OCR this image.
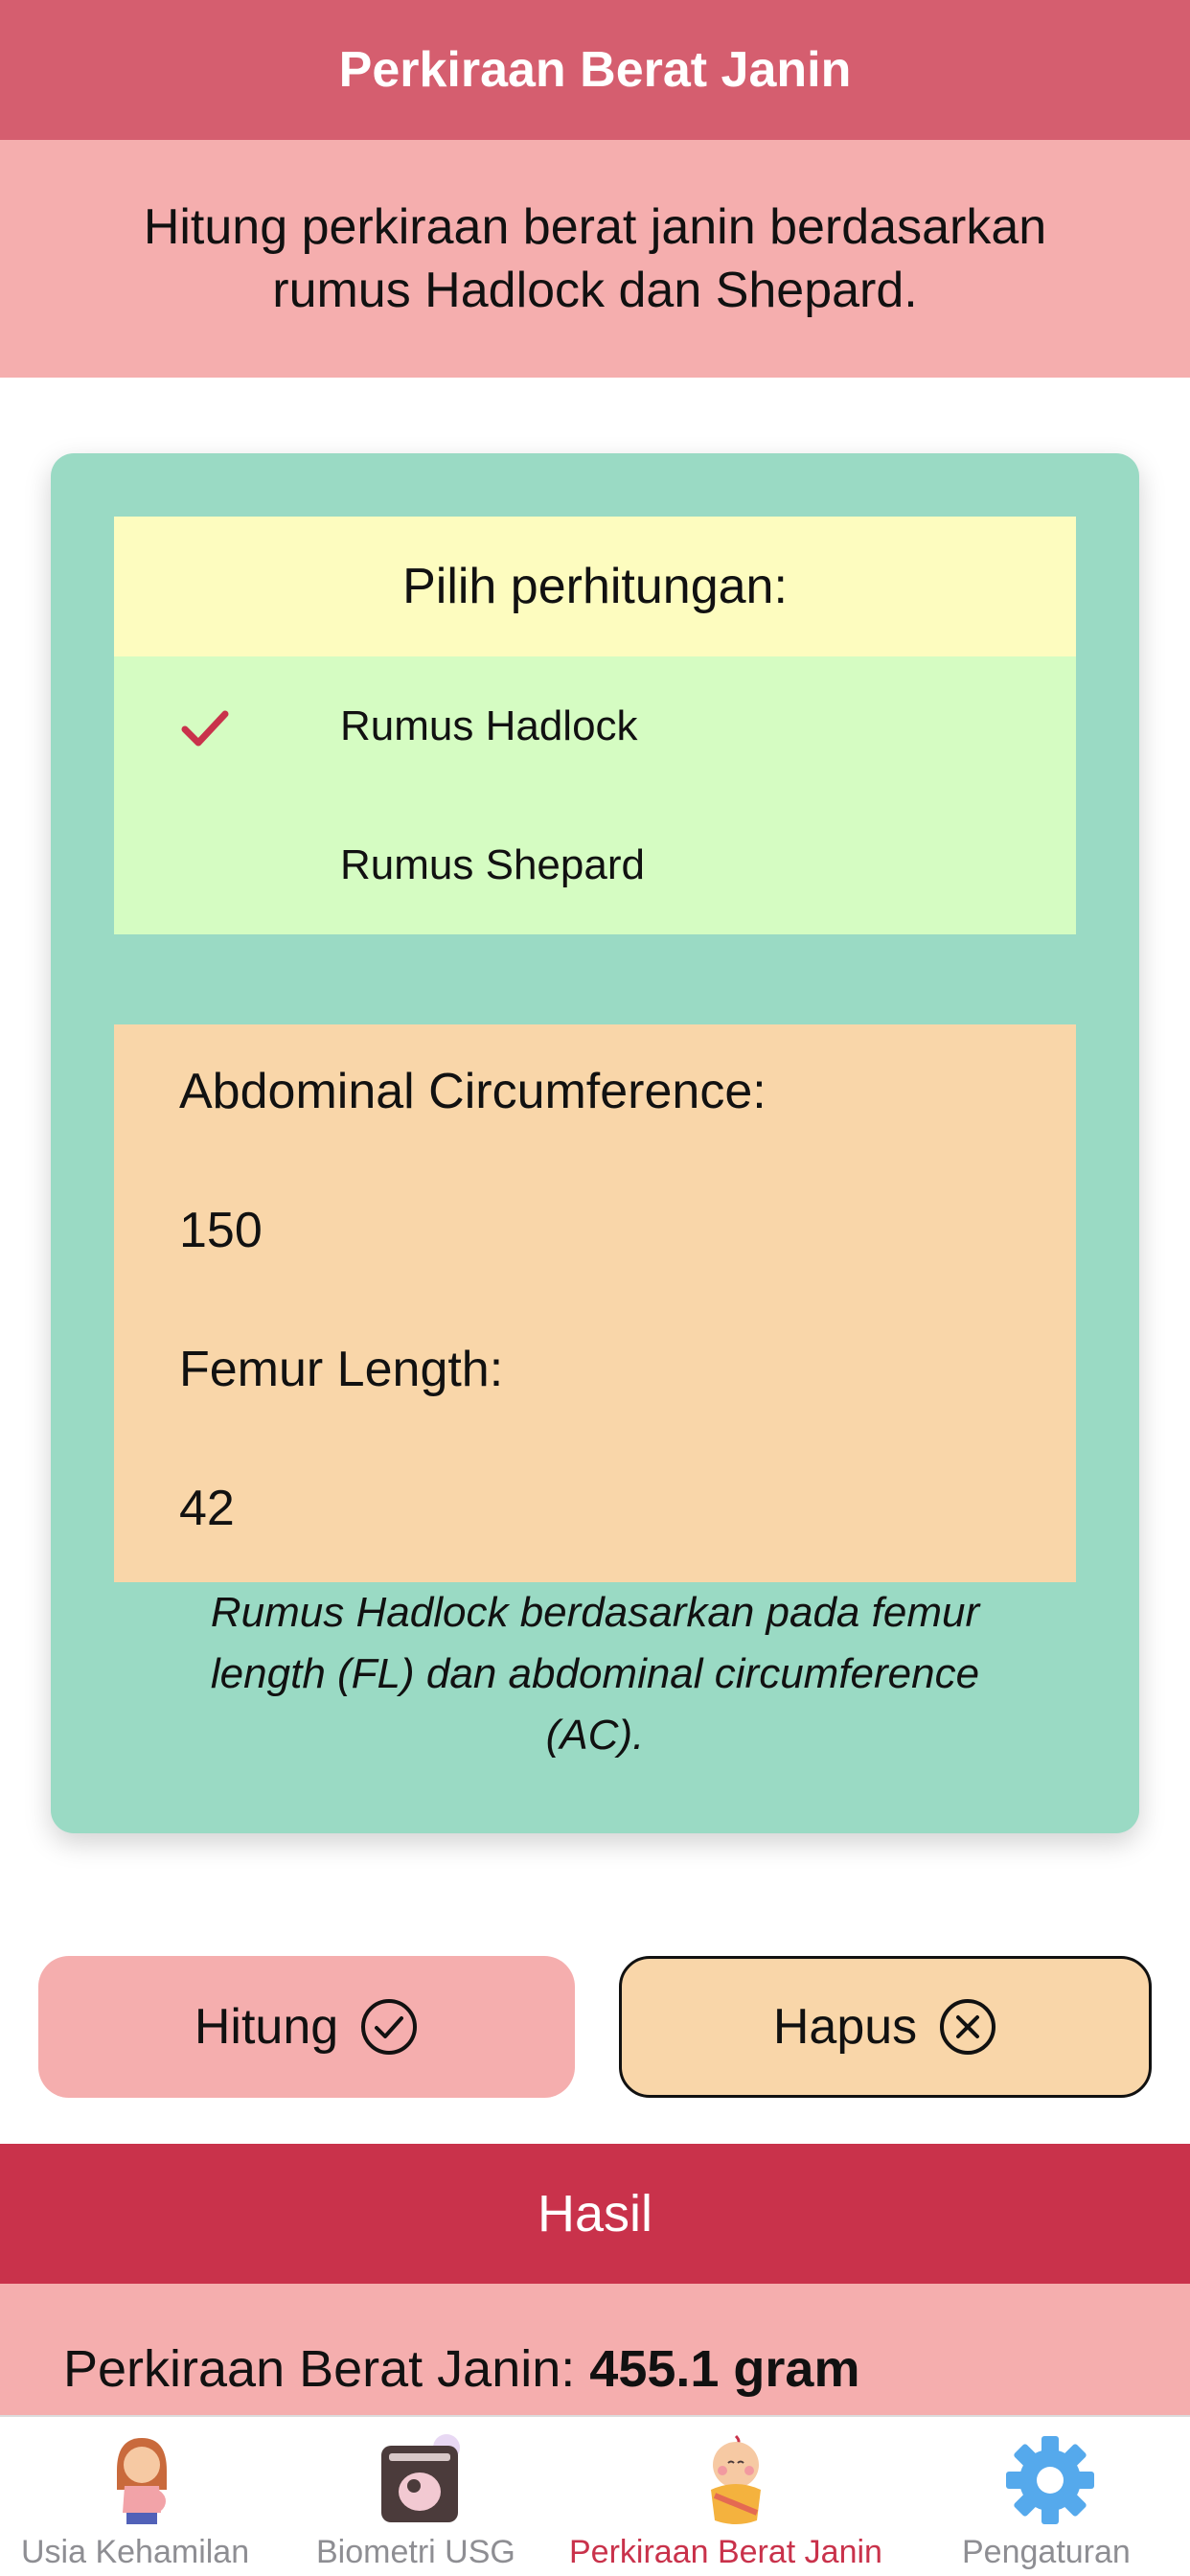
Perkiraan Berat Janin

Hitung perkiraan berat janin berdasarkan rumus Hadlock dan Shepard.

Pilih perhitungan:
Rumus Hadlock
Rumus Shepard
Abdominal Circumference:
150
Femur Length:
42

Rumus Hadlock berdasarkan pada femur length (FL) dan abdominal circumference (AC).

Hitung	Hapus
Hasil
Perkiraan Berat Janin: 455.1 gram
Usia Kehamilan Biometri USG Perkiraan Berat Janin Pengaturan
